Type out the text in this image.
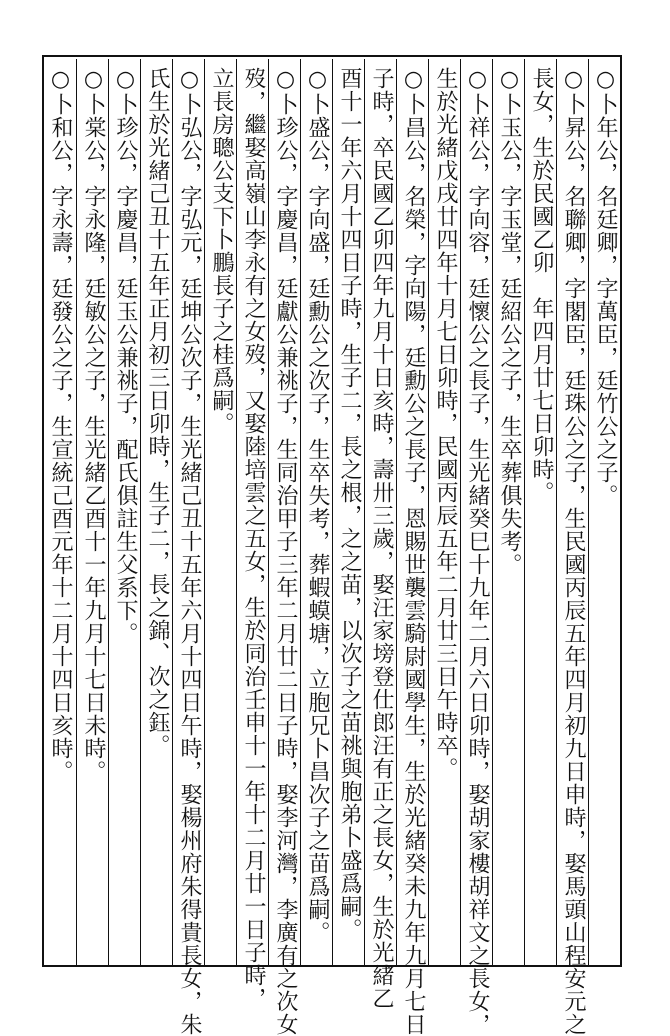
○卜年公，名廷卿，字萬臣，廷竹公之子。
○卜昇公，名聯卿，字閣臣，廷珠公之子，生民國丙辰五年四月初九日申時，娶馬頭山程安元之
長女，生於民國乙卯　年四月廿七日卯時。
○卜玉公，字玉堂，廷紹公之子，生卒葬俱失考。
○卜祥公，字向容，廷懷公之長子，生光緒癸巳十九年二月六日卯時，娶胡家樓胡祥文之長女，
生於光緒戊戌廿四年十月七日卯時，民國丙辰五年二月廿三日午時卒。
○卜昌公，名榮，字向陽，廷勳公之長子，恩賜世襲雲騎尉國學生，生於光緒癸未九年九月七日
子時，卒民國乙卯四年九月十日亥時，壽卅三歲，娶汪家塝登仕郎汪有正之長女，生於光緒乙
酉十一年六月十四日子時，生子二，長之根，之之苗，以次子之苗祧與胞弟卜盛爲嗣。
○卜盛公，字向盛，廷勳公之次子，生卒失考，葬蝦蟆塘，立胞兄卜昌次子之苗爲嗣。
○卜珍公，字慶昌，廷獻公兼祧子，生同治甲子三年二月廿二日子時，娶李河灣，李廣有之次女
歿，繼娶高嶺山李永有之女歿，又娶陸培雲之五女，生於同治壬申十一年十二月廿一日子時，
立長房聰公支下卜鵬長子之桂爲嗣。
○卜弘公，字弘元，廷坤公次子，生光緒己丑十五年六月十四日午時，娶楊州府朱得貴長女，朱
氏生於光緒己丑十五年正月初三日卯時，生子二，長之錦、次之鈺。
○卜珍公，字慶昌，廷玉公兼祧子，配氏俱註生父系下。
○卜棠公，字永隆，廷敏公之子，生光緒乙酉十一年九月十七日未時。
○卜和公，字永壽，廷發公之子，生宣統己酉元年十二月十四日亥時。
